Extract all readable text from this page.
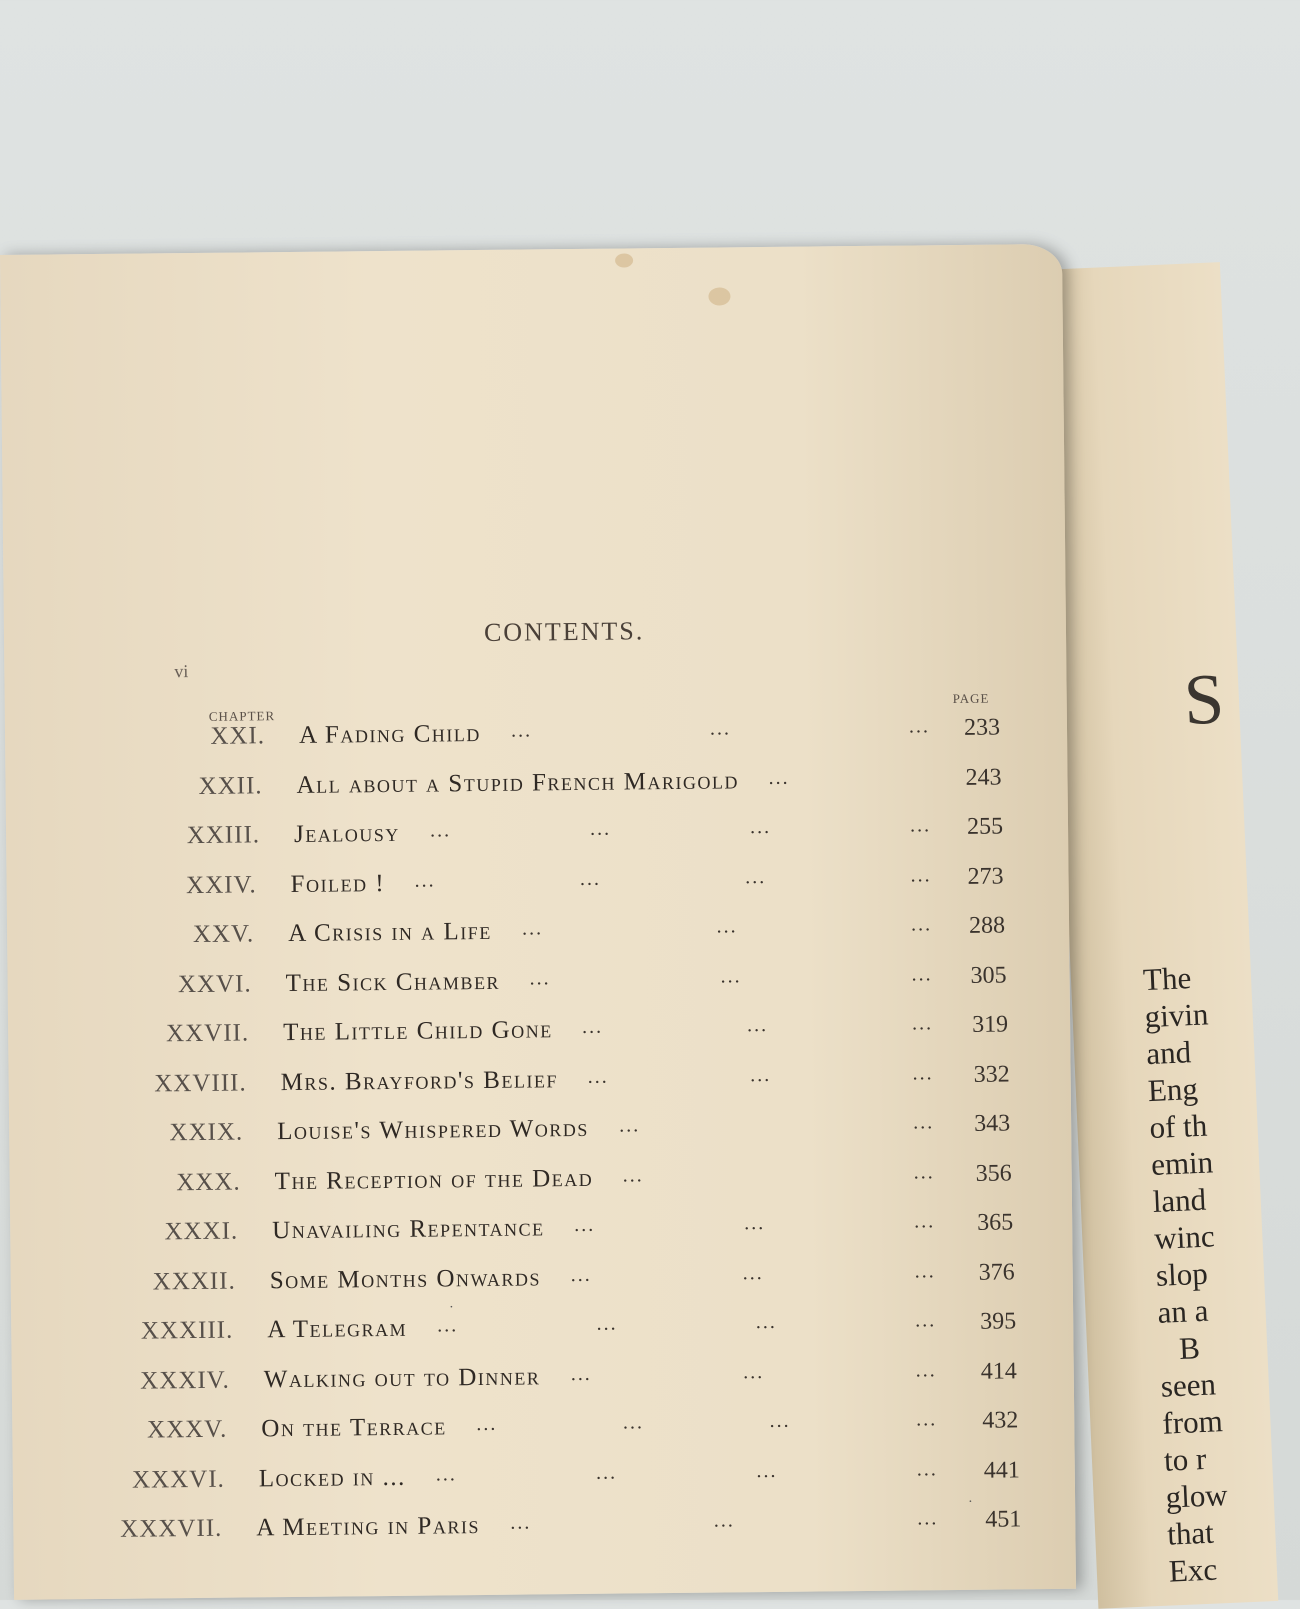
S
The
givin
and
Eng
of th
emin
land
winc
slop
an a
B
seen
from
to r
glow
that
Exc
CONTENTS.
vi
CHAPTER
PAGE
XXI. A Fading Child ...	...	...	233
XXII. All about a Stupid French Marigold ...	243
XXIII. Jealousy ...	...	...	...	255
XXIV. Foiled ! ...	...	...	...	273
XXV. A Crisis in a Life ...	...	...	288
XXVI. The Sick Chamber ...	...	...	305
XXVII. The Little Child Gone ...	...	...	319
XXVIII. Mrs. Brayford's Belief ...	...	...	332
XXIX. Louise's Whispered Words ...	...	343
XXX. The Reception of the Dead ...	...	356
XXXI. Unavailing Repentance ...	...	...	365
XXXII. Some Months Onwards ...	...	...	376
XXXIII. A Telegram ...	...	...	...	395
XXXIV. Walking out to Dinner ...	...	...	414
XXXV. On the Terrace ...	...	...	...	432
XXXVI. Locked in ... ...	...	...	...	441
XXXVII. A Meeting in Paris ...	...	...	451
·
·
